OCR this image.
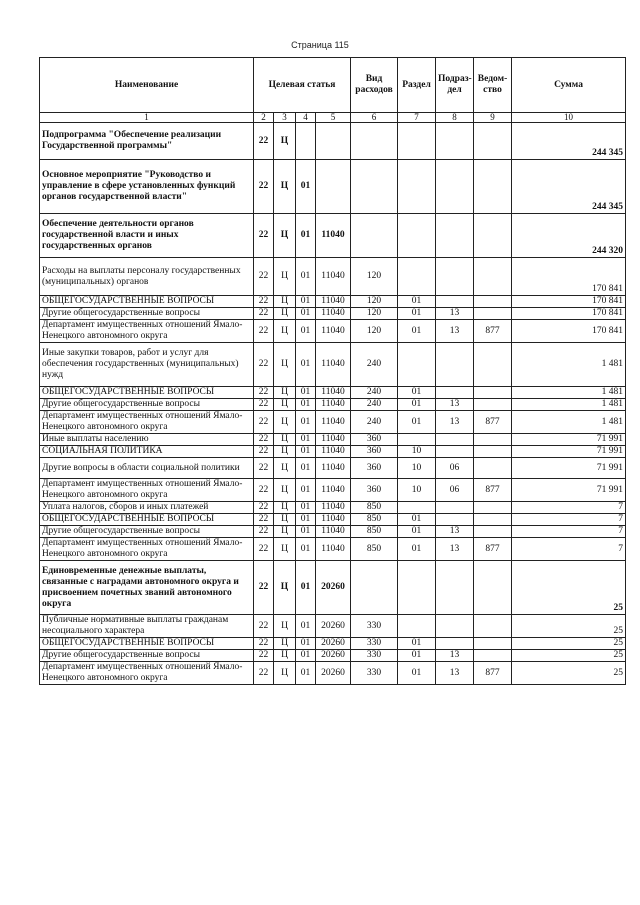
Страница 115
Наименование	Целевая статья				Вид расходов	Раздел	Подраз-дел	Ведом-ство	Сумма
1	2	3	4	5	6	7	8	9	10
Подпрограмма "Обеспечение реализации Государственной программы"	22	Ц							244 345
Основное мероприятие "Руководство и управление в сфере установленных функций органов государственной власти"	22	Ц	01						244 345
Обеспечение деятельности органов государственной власти и иных государственных органов	22	Ц	01	11040					244 320
Расходы на выплаты персоналу государственных (муниципальных) органов	22	Ц	01	11040	120				170 841
ОБЩЕГОСУДАРСТВЕННЫЕ ВОПРОСЫ	22	Ц	01	11040	120	01			170 841
Другие общегосударственные вопросы	22	Ц	01	11040	120	01	13		170 841
Департамент имущественных отношений Ямало-Ненецкого автономного округа	22	Ц	01	11040	120	01	13	877	170 841
Иные закупки товаров, работ и услуг для обеспечения государственных (муниципальных) нужд	22	Ц	01	11040	240				1 481
ОБЩЕГОСУДАРСТВЕННЫЕ ВОПРОСЫ	22	Ц	01	11040	240	01			1 481
Другие общегосударственные вопросы	22	Ц	01	11040	240	01	13		1 481
Департамент имущественных отношений Ямало-Ненецкого автономного округа	22	Ц	01	11040	240	01	13	877	1 481
Иные выплаты населению	22	Ц	01	11040	360				71 991
СОЦИАЛЬНАЯ ПОЛИТИКА	22	Ц	01	11040	360	10			71 991
Другие вопросы в области социальной политики	22	Ц	01	11040	360	10	06		71 991
Департамент имущественных отношений Ямало-Ненецкого автономного округа	22	Ц	01	11040	360	10	06	877	71 991
Уплата налогов, сборов и иных платежей	22	Ц	01	11040	850				7
ОБЩЕГОСУДАРСТВЕННЫЕ ВОПРОСЫ	22	Ц	01	11040	850	01			7
Другие общегосударственные вопросы	22	Ц	01	11040	850	01	13		7
Департамент имущественных отношений Ямало-Ненецкого автономного округа	22	Ц	01	11040	850	01	13	877	7
Единовременные денежные выплаты, связанные с наградами автономного округа и присвоением почетных званий автономного округа	22	Ц	01	20260					25
Публичные нормативные выплаты гражданам несоциального характера	22	Ц	01	20260	330				25
ОБЩЕГОСУДАРСТВЕННЫЕ ВОПРОСЫ	22	Ц	01	20260	330	01			25
Другие общегосударственные вопросы	22	Ц	01	20260	330	01	13		25
Департамент имущественных отношений Ямало-Ненецкого автономного округа	22	Ц	01	20260	330	01	13	877	25
